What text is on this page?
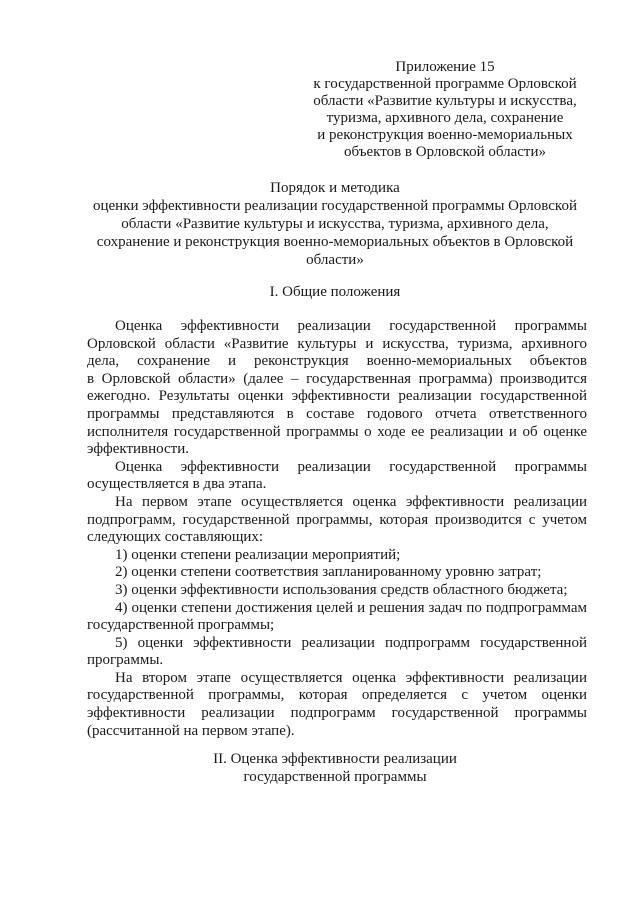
Приложение 15
к государственной программе Орловской
области «Развитие культуры и искусства,
туризма, архивного дела, сохранение
и реконструкция военно-мемориальных
объектов в Орловской области»
Порядок и методика
оценки эффективности реализации государственной программы Орловской
области «Развитие культуры и искусства, туризма, архивного дела,
сохранение и реконструкция военно-мемориальных объектов в Орловской
области»
I. Общие положения
Оценка эффективности реализации государственной программы
Орловской области «Развитие культуры и искусства, туризма, архивного
дела, сохранение и реконструкция военно-мемориальных объектов
в Орловской области» (далее – государственная программа) производится
ежегодно. Результаты оценки эффективности реализации государственной
программы представляются в составе годового отчета ответственного
исполнителя государственной программы о ходе ее реализации и об оценке
эффективности.
Оценка эффективности реализации государственной программы
осуществляется в два этапа.
На первом этапе осуществляется оценка эффективности реализации
подпрограмм, государственной программы, которая производится с учетом
следующих составляющих:
1) оценки степени реализации мероприятий;
2) оценки степени соответствия запланированному уровню затрат;
3) оценки эффективности использования средств областного бюджета;
4) оценки степени достижения целей и решения задач по подпрограммам
государственной программы;
5) оценки эффективности реализации подпрограмм государственной
программы.
На втором этапе осуществляется оценка эффективности реализации
государственной программы, которая определяется с учетом оценки
эффективности реализации подпрограмм государственной программы
(рассчитанной на первом этапе).
II. Оценка эффективности реализации
государственной программы
